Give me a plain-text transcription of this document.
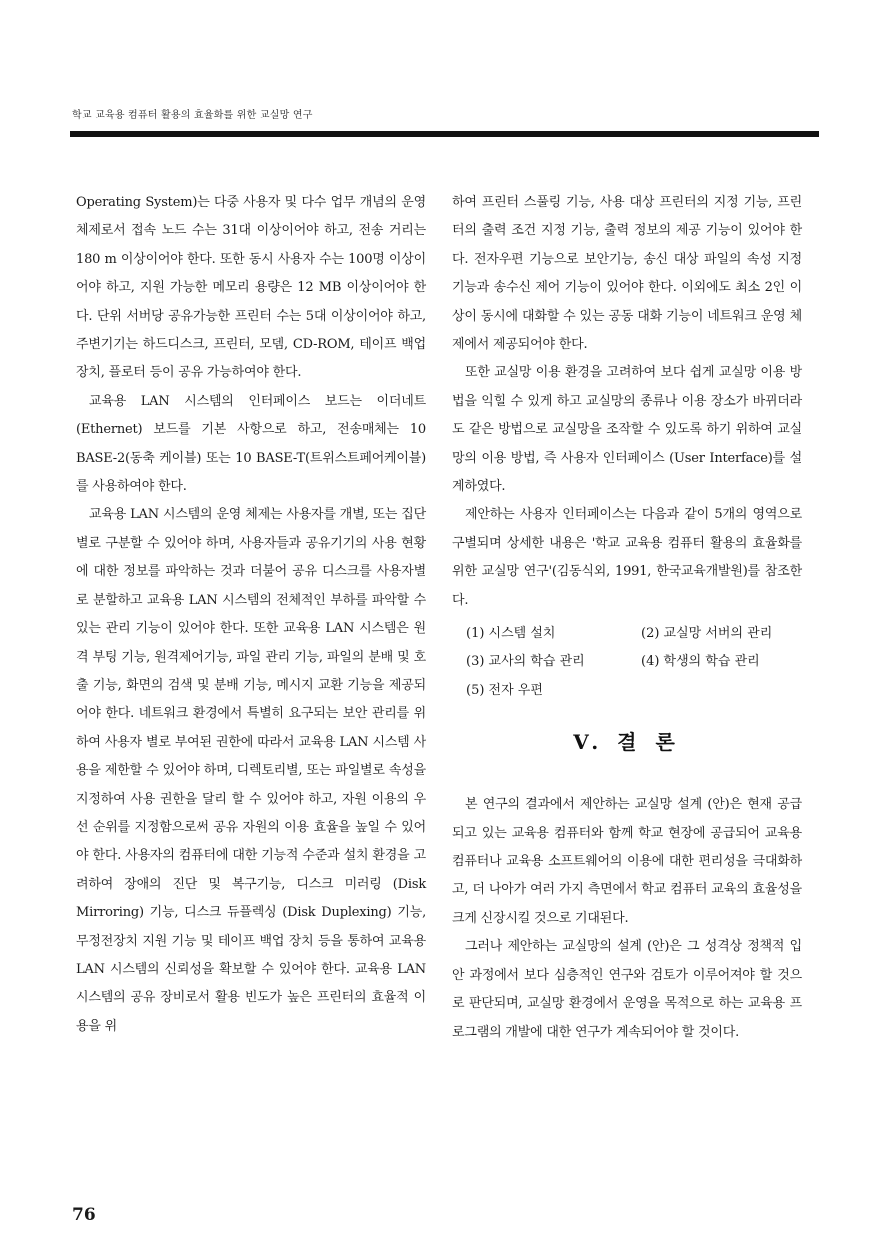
학교 교육용 컴퓨터 활용의 효율화를 위한 교실망 연구

Operating System)는 다중 사용자 및 다수 업무 개념의 운영 체제로서 접속 노드 수는 31대 이상이어야 하고, 전송 거리는 180 m 이상이어야 한다. 또한 동시 사용자 수는 100명 이상이어야 하고, 지원 가능한 메모리 용량은 12 MB 이상이어야 한다. 단위 서버당 공유가능한 프린터 수는 5대 이상이어야 하고, 주변기기는 하드디스크, 프린터, 모뎀, CD-ROM, 테이프 백업 장치, 플로터 등이 공유 가능하여야 한다.

교육용 LAN 시스템의 인터페이스 보드는 이더네트(Ethernet) 보드를 기본 사항으로 하고, 전송매체는 10 BASE-2(동축 케이블) 또는 10 BASE-T(트위스트페어케이블)를 사용하여야 한다.

교육용 LAN 시스템의 운영 체제는 사용자를 개별, 또는 집단별로 구분할 수 있어야 하며, 사용자들과 공유기기의 사용 현황에 대한 정보를 파악하는 것과 더불어 공유 디스크를 사용자별로 분할하고 교육용 LAN 시스템의 전체적인 부하를 파악할 수 있는 관리 기능이 있어야 한다. 또한 교육용 LAN 시스템은 원격 부팅 기능, 원격제어기능, 파일 관리 기능, 파일의 분배 및 호출 기능, 화면의 검색 및 분배 기능, 메시지 교환 기능을 제공되어야 한다. 네트워크 환경에서 특별히 요구되는 보안 관리를 위하여 사용자 별로 부여된 권한에 따라서 교육용 LAN 시스템 사용을 제한할 수 있어야 하며, 디렉토리별, 또는 파일별로 속성을 지정하여 사용 권한을 달리 할 수 있어야 하고, 자원 이용의 우선 순위를 지정함으로써 공유 자원의 이용 효율을 높일 수 있어야 한다. 사용자의 컴퓨터에 대한 기능적 수준과 설치 환경을 고려하여 장애의 진단 및 복구기능, 디스크 미러링 (Disk Mirroring) 기능, 디스크 듀플렉싱 (Disk Duplexing) 기능, 무정전장치 지원 기능 및 테이프 백업 장치 등을 통하여 교육용 LAN 시스템의 신뢰성을 확보할 수 있어야 한다. 교육용 LAN 시스템의 공유 장비로서 활용 빈도가 높은 프린터의 효율적 이용을 위

하여 프린터 스풀링 기능, 사용 대상 프린터의 지정 기능, 프린터의 출력 조건 지정 기능, 출력 정보의 제공 기능이 있어야 한다. 전자우편 기능으로 보안기능, 송신 대상 파일의 속성 지정 기능과 송수신 제어 기능이 있어야 한다. 이외에도 최소 2인 이상이 동시에 대화할 수 있는 공동 대화 기능이 네트워크 운영 체제에서 제공되어야 한다.

또한 교실망 이용 환경을 고려하여 보다 쉽게 교실망 이용 방법을 익힐 수 있게 하고 교실망의 종류나 이용 장소가 바뀌더라도 같은 방법으로 교실망을 조작할 수 있도록 하기 위하여 교실망의 이용 방법, 즉 사용자 인터페이스 (User Interface)를 설계하였다.

제안하는 사용자 인터페이스는 다음과 같이 5개의 영역으로 구별되며 상세한 내용은 '학교 교육용 컴퓨터 활용의 효율화를 위한 교실망 연구'(김동식외, 1991, 한국교육개발원)를 참조한다.

(1) 시스템 설치	(2) 교실망 서버의 관리
(3) 교사의 학습 관리	(4) 학생의 학습 관리
(5) 전자 우편
V. 결 론

본 연구의 결과에서 제안하는 교실망 설계 (안)은 현재 공급되고 있는 교육용 컴퓨터와 함께 학교 현장에 공급되어 교육용 컴퓨터나 교육용 소프트웨어의 이용에 대한 편리성을 극대화하고, 더 나아가 여러 가지 측면에서 학교 컴퓨터 교육의 효율성을 크게 신장시킬 것으로 기대된다.

그러나 제안하는 교실망의 설계 (안)은 그 성격상 정책적 입안 과정에서 보다 심층적인 연구와 검토가 이루어져야 할 것으로 판단되며, 교실망 환경에서 운영을 목적으로 하는 교육용 프로그램의 개발에 대한 연구가 계속되어야 할 것이다.

76
